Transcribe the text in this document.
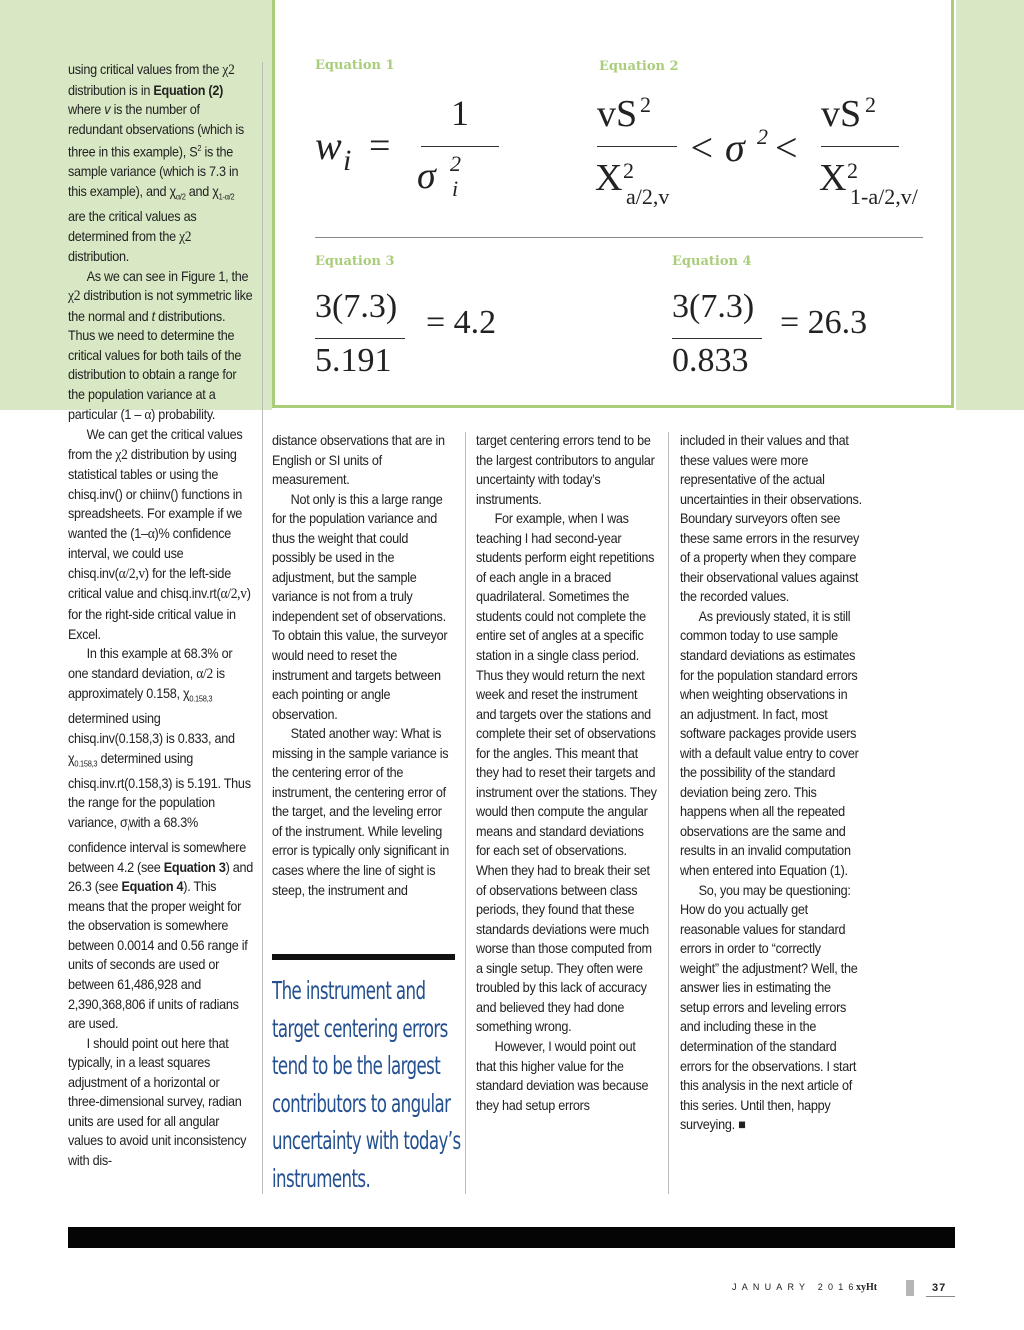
Equation 1	Equation 2
w i =
1
σ 2
i
vS 2
X 2
a/2,v
< σ 2 <
vS 2
X 2
1-a/2,v/
Equation 3	Equation 4
3(7.3)
5.191
= 4.2	3(7.3)
0.833
= 26.3

using critical values from the χ2 distribution is in Equation (2) where v is the number of redundant observations (which is three in this example), $S^2$ is the sample variance (which is 7.3 in this example), and $\chi_{\alpha/2}$ and $\chi_{1-\alpha/2}$ are the critical values as determined from the χ2 distribution.

As we can see in Figure 1, the χ2 distribution is not symmetric like the normal and t distributions. Thus we need to determine the critical values for both tails of the distribution to obtain a range for the population variance at a particular (1 – α) probability.

We can get the critical values from the χ2 distribution by using statistical tables or using the chisq.inv() or chiinv() functions in spreadsheets. For example if we wanted the (1–α)% confidence interval, we could use chisq.inv(α/2,v) for the left-side critical value and chisq.inv.rt(α/2,v) for the right-side critical value in Excel.

In this example at 68.3% or one standard deviation, α/2 is approximately 0.158, $\chi_{0.158,3}$ determined using chisq.inv(0.158,3) is 0.833, and $\chi_{0.158,3}$ determined using chisq.inv.rt(0.158,3) is 5.191. Thus the range for the population variance, $\sigma_iwith$ a 68.3% confidence interval is somewhere between 4.2 (see Equation 3) and 26.3 (see Equation 4). This means that the proper weight for the observation is somewhere between 0.0014 and 0.56 range if units of seconds are used or between 61,486,928 and 2,390,368,806 if units of radians are used.

I should point out here that typically, in a least squares adjustment of a horizontal or three-dimensional survey, radian units are used for all angular values to avoid unit inconsistency with dis-

distance observations that are in English or SI units of measurement.

Not only is this a large range for the population variance and thus the weight that could possibly be used in the adjustment, but the sample variance is not from a truly independent set of observations. To obtain this value, the surveyor would need to reset the instrument and targets between each pointing or angle observation.

Stated another way: What is missing in the sample variance is the centering error of the instrument, the centering error of the target, and the leveling error of the instrument. While leveling error is typically only significant in cases where the line of sight is steep, the instrument and

The instrument and target centering errors tend to be the largest contributors to angular uncertainty with today’s instruments.

target centering errors tend to be the largest contributors to angular uncertainty with today’s instruments.

For example, when I was teaching I had second-year students perform eight repetitions of each angle in a braced quadrilateral. Sometimes the students could not complete the entire set of angles at a specific station in a single class period. Thus they would return the next week and reset the instrument and targets over the stations and complete their set of observations for the angles. This meant that they had to reset their targets and instrument over the stations. They would then compute the angular means and standard deviations for each set of observations. When they had to break their set of observations between class periods, they found that these standards deviations were much worse than those computed from a single setup. They often were troubled by this lack of accuracy and believed they had done something wrong.

However, I would point out that this higher value for the standard deviation was because they had setup errors

included in their values and that these values were more representative of the actual uncertainties in their observations. Boundary surveyors often see these same errors in the resurvey of a property when they compare their observational values against the recorded values.

As previously stated, it is still common today to use sample standard deviations as estimates for the population standard errors when weighting observations in an adjustment. In fact, most software packages provide users with a default value entry to cover the possibility of the standard deviation being zero. This happens when all the repeated observations are the same and results in an invalid computation when entered into Equation (1).

So, you may be questioning: How do you actually get reasonable values for standard errors in order to “correctly weight” the adjustment? Well, the answer lies in estimating the setup errors and leveling errors and including these in the determination of the standard errors for the observations. I start this analysis in the next article of this series. Until then, happy surveying. ■

JANUARY 2016
xyHt	37
